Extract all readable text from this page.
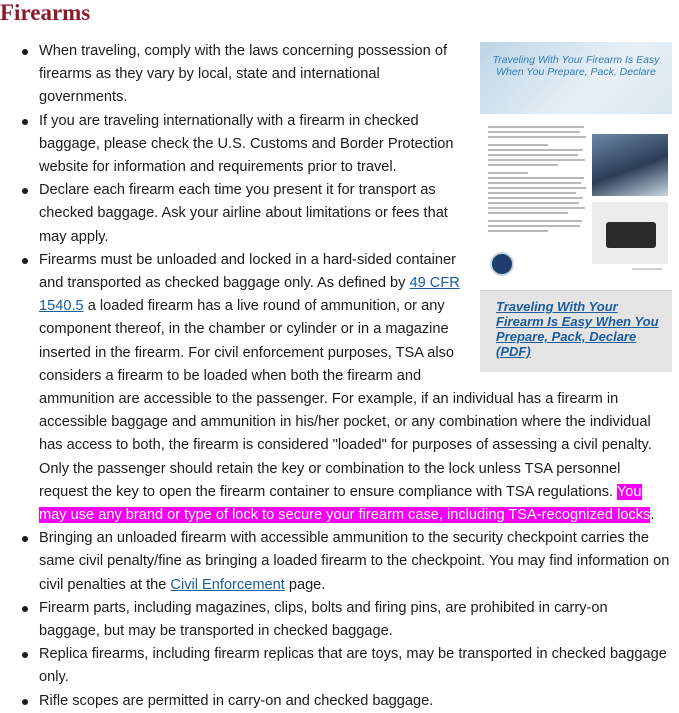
Firearms
Traveling With Your Firearm Is Easy
When You Prepare, Pack, Declare
Traveling With Your Firearm Is Easy When You Prepare, Pack, Declare (PDF)
When traveling, comply with the laws concerning possession of firearms as they vary by local, state and international governments.
If you are traveling internationally with a firearm in checked baggage, please check the U.S. Customs and Border Protection website for information and requirements prior to travel.
Declare each firearm each time you present it for transport as checked baggage. Ask your airline about limitations or fees that may apply.
Firearms must be unloaded and locked in a hard-sided container and transported as checked baggage only. As defined by 49 CFR 1540.5 a loaded firearm has a live round of ammunition, or any component thereof, in the chamber or cylinder or in a magazine inserted in the firearm. For civil enforcement purposes, TSA also considers a firearm to be loaded when both the firearm and ammunition are accessible to the passenger. For example, if an individual has a firearm in accessible baggage and ammunition in his/her pocket, or any combination where the individual has access to both, the firearm is considered "loaded" for purposes of assessing a civil penalty. Only the passenger should retain the key or combination to the lock unless TSA personnel request the key to open the firearm container to ensure compliance with TSA regulations. You may use any brand or type of lock to secure your firearm case, including TSA-recognized locks.
Bringing an unloaded firearm with accessible ammunition to the security checkpoint carries the same civil penalty/fine as bringing a loaded firearm to the checkpoint. You may find information on civil penalties at the Civil Enforcement page.
Firearm parts, including magazines, clips, bolts and firing pins, are prohibited in carry-on baggage, but may be transported in checked baggage.
Replica firearms, including firearm replicas that are toys, may be transported in checked baggage only.
Rifle scopes are permitted in carry-on and checked baggage.
